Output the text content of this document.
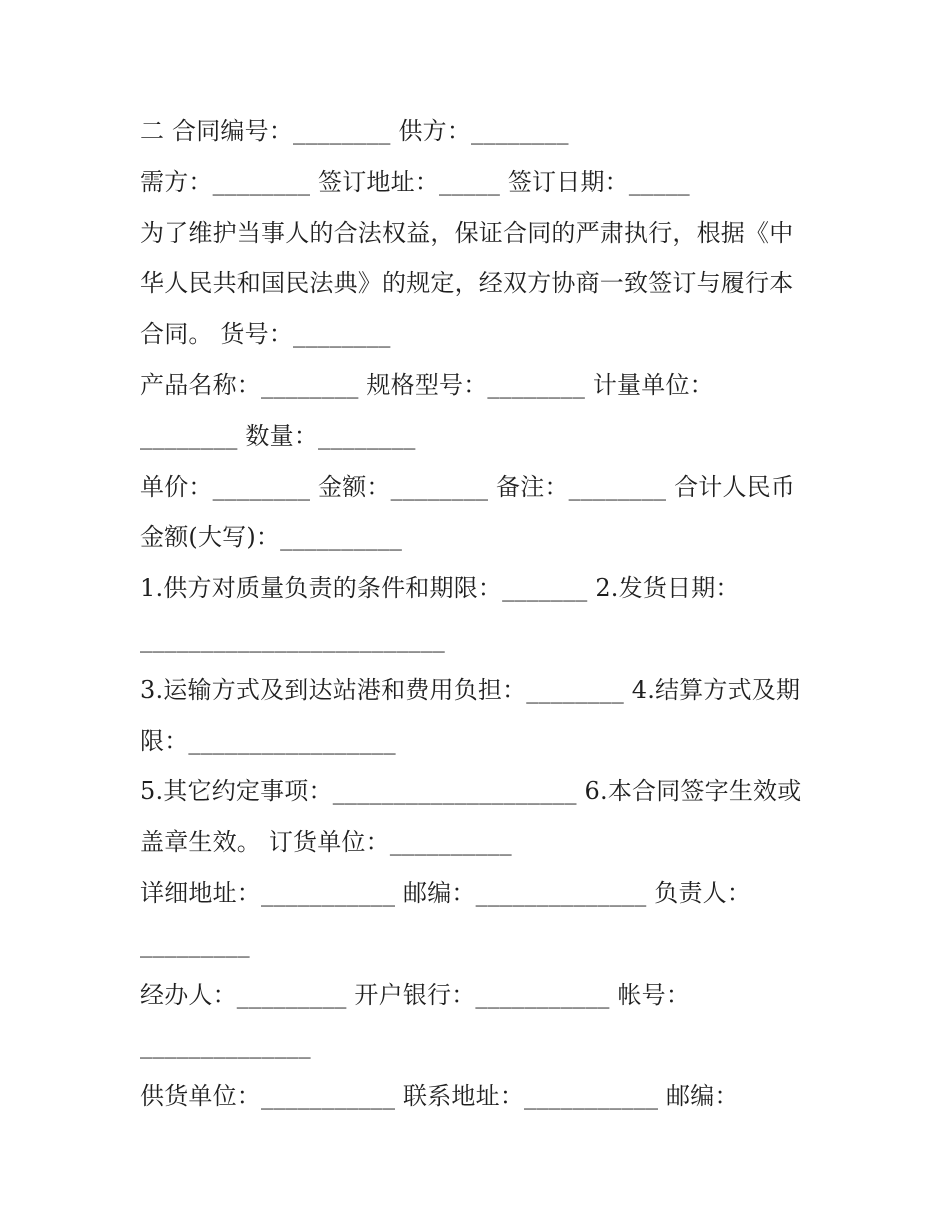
二 合同编号：________ 供方：________
需方：________ 签订地址：_____ 签订日期：_____
为了维护当事人的合法权益，保证合同的严肃执行，根据《中
华人民共和国民法典》的规定，经双方协商一致签订与履行本
合同。 货号：________
产品名称：________ 规格型号：________ 计量单位：
________ 数量：________
单价：________ 金额：________ 备注：________ 合计人民币
金额(大写)：__________
1.供方对质量负责的条件和期限：_______ 2.发货日期：
_________________________
3.运输方式及到达站港和费用负担：________ 4.结算方式及期
限：_________________
5.其它约定事项：____________________ 6.本合同签字生效或
盖章生效。 订货单位：__________
详细地址：___________ 邮编：______________ 负责人：
_________
经办人：_________ 开户银行：___________ 帐号：
______________
供货单位：___________ 联系地址：___________ 邮编：
